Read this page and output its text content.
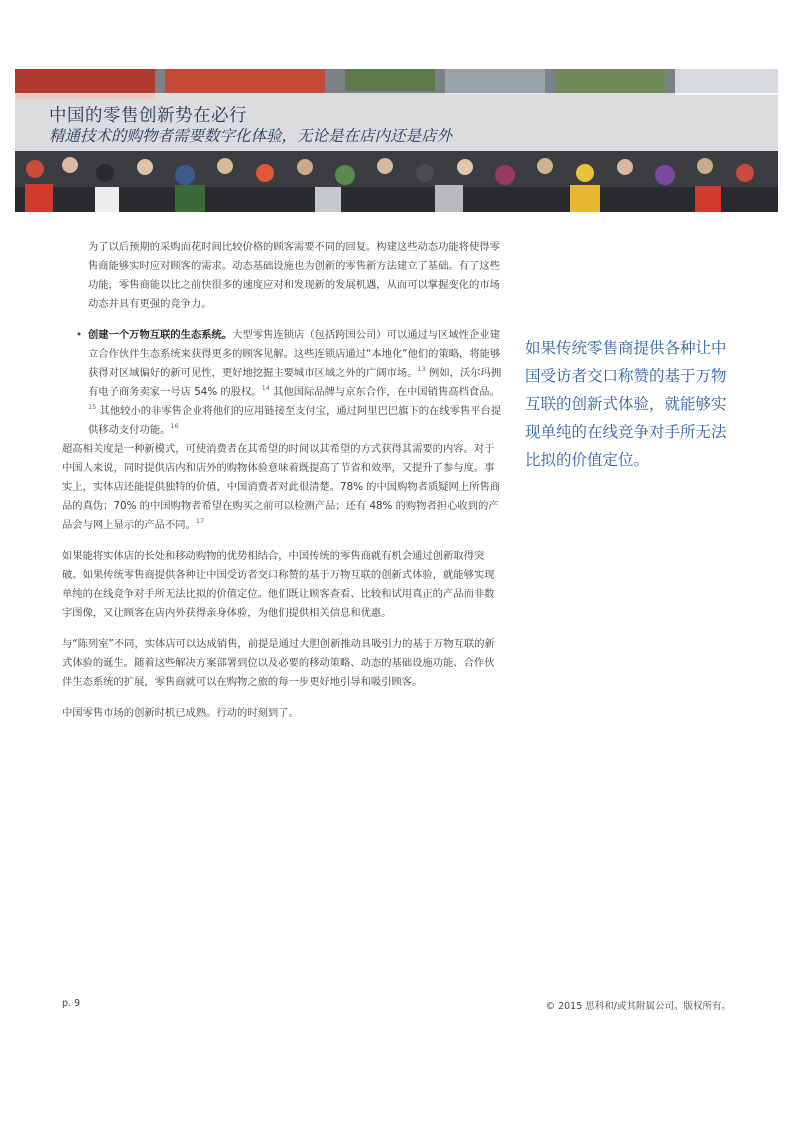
中国的零售创新势在必行
精通技术的购物者需要数字化体验，无论是在店内还是店外

为了以后预期的采购而花时间比较价格的顾客需要不同的回复。构建这些动态功能将使得零售商能够实时应对顾客的需求。动态基础设施也为创新的零售新方法建立了基础。有了这些功能，零售商能以比之前快很多的速度应对和发现新的发展机遇，从而可以掌握变化的市场动态并具有更强的竞争力。

• 创建一个万物互联的生态系统。大型零售连锁店（包括跨国公司）可以通过与区域性企业建立合作伙伴生态系统来获得更多的顾客见解。这些连锁店通过“本地化”他们的策略，将能够获得对区域偏好的新可见性，更好地挖掘主要城市区域之外的广阔市场。$^{13}$ 例如，沃尔玛拥有电子商务卖家一号店 54% 的股权。$^{14}$ 其他国际品牌与京东合作，在中国销售高档食品。$^{15}$ 其他较小的非零售企业将他们的应用链接至支付宝，通过阿里巴巴旗下的在线零售平台提供移动支付功能。$^{16}$

超高相关度是一种新模式，可使消费者在其希望的时间以其希望的方式获得其需要的内容。对于中国人来说，同时提供店内和店外的购物体验意味着既提高了节省和效率，又提升了参与度。事实上，实体店还能提供独特的价值，中国消费者对此很清楚。78% 的中国购物者质疑网上所售商品的真伪；70% 的中国购物者希望在购买之前可以检测产品；还有 48% 的购物者担心收到的产品会与网上显示的产品不同。$^{17}$

如果能将实体店的长处和移动购物的优势相结合，中国传统的零售商就有机会通过创新取得突破。如果传统零售商提供各种让中国受访者交口称赞的基于万物互联的创新式体验，就能够实现单纯的在线竞争对手所无法比拟的价值定位。他们既让顾客查看、比较和试用真正的产品而非数字图像，又让顾客在店内外获得亲身体验，为他们提供相关信息和优惠。

与“陈列室”不同，实体店可以达成销售，前提是通过大胆创新推动具吸引力的基于万物互联的新式体验的诞生。随着这些解决方案部署到位以及必要的移动策略、动态的基础设施功能、合作伙伴生态系统的扩展，零售商就可以在购物之旅的每一步更好地引导和吸引顾客。

中国零售市场的创新时机已成熟。行动的时刻到了。

如果传统零售商提供各种让中国受访者交口称赞的基于万物互联的创新式体验，就能够实现单纯的在线竞争对手所无法比拟的价值定位。
p. 9	© 2015 思科和/或其附属公司。版权所有。
